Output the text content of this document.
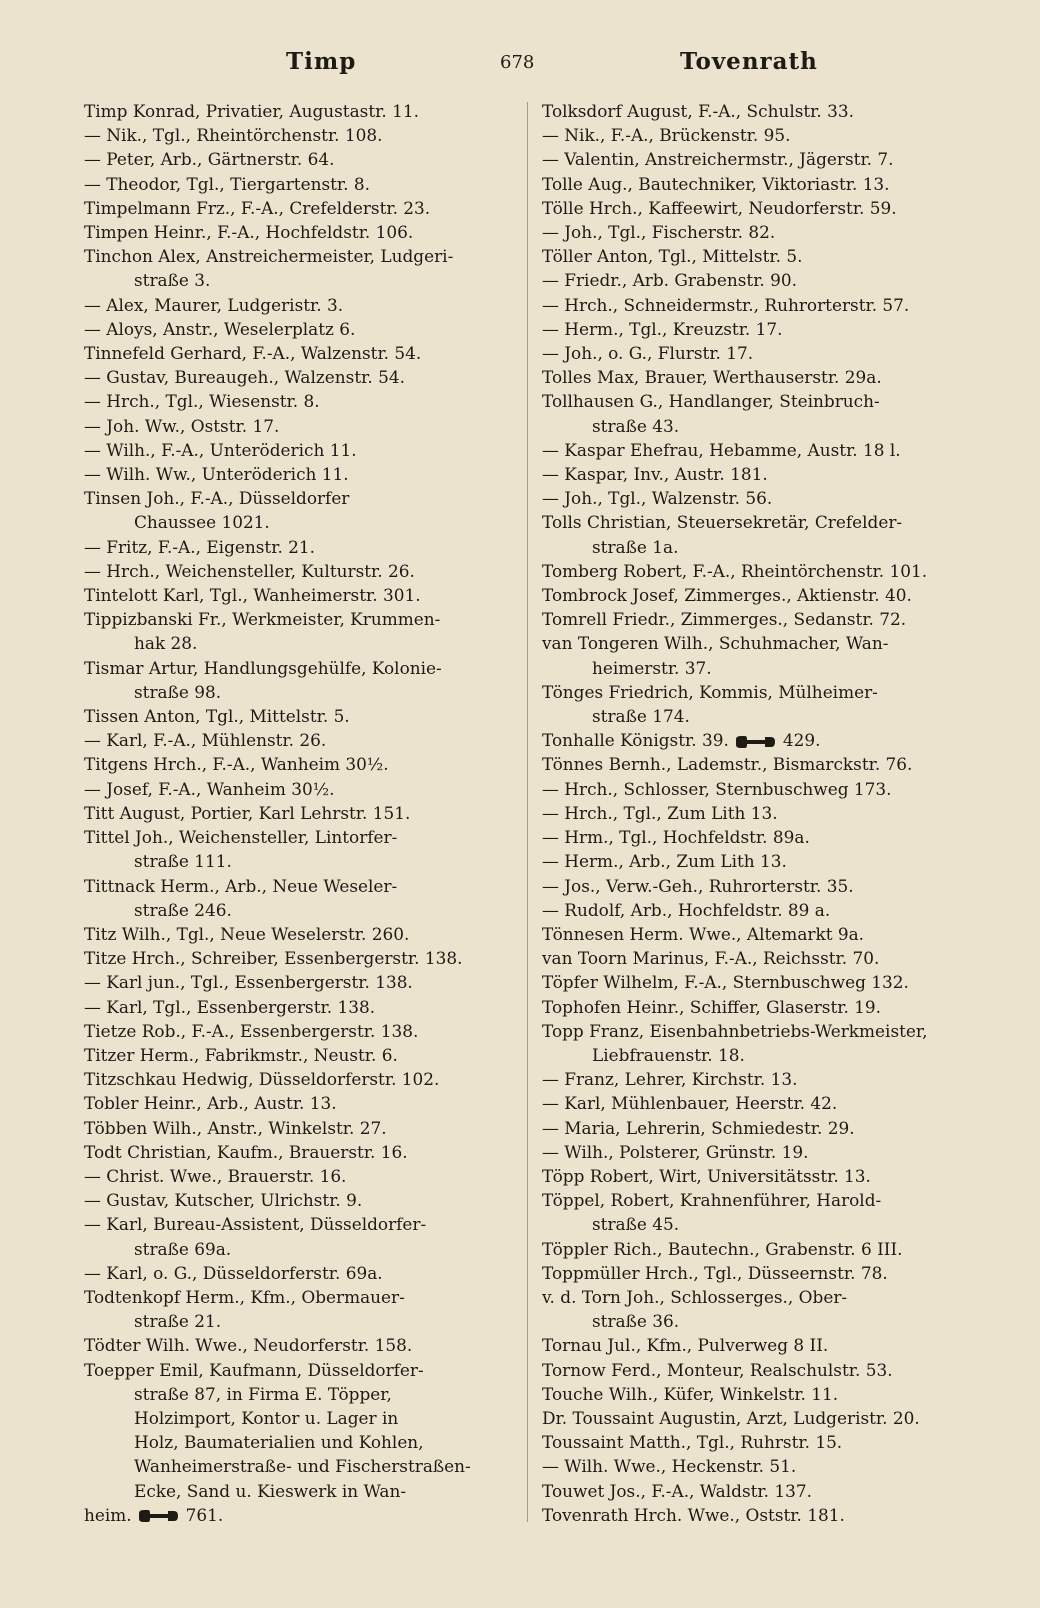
Timp	678	Tovenrath
Timp Konrad, Privatier, Augustastr. 11.
— Nik., Tgl., Rheintörchenstr. 108.
— Peter, Arb., Gärtnerstr. 64.
— Theodor, Tgl., Tiergartenstr. 8.
Timpelmann Frz., F.-A., Crefelderstr. 23.
Timpen Heinr., F.-A., Hochfeldstr. 106.
Tinchon Alex, Anstreichermeister, Ludgeri-
straße 3.
— Alex, Maurer, Ludgeristr. 3.
— Aloys, Anstr., Weselerplatz 6.
Tinnefeld Gerhard, F.-A., Walzenstr. 54.
— Gustav, Bureaugeh., Walzenstr. 54.
— Hrch., Tgl., Wiesenstr. 8.
— Joh. Ww., Oststr. 17.
— Wilh., F.-A., Unteröderich 11.
— Wilh. Ww., Unteröderich 11.
Tinsen Joh., F.-A., Düsseldorfer
Chaussee 1021.
— Fritz, F.-A., Eigenstr. 21.
— Hrch., Weichensteller, Kulturstr. 26.
Tintelott Karl, Tgl., Wanheimerstr. 301.
Tippizbanski Fr., Werkmeister, Krummen-
hak 28.
Tismar Artur, Handlungsgehülfe, Kolonie-
straße 98.
Tissen Anton, Tgl., Mittelstr. 5.
— Karl, F.-A., Mühlenstr. 26.
Titgens Hrch., F.-A., Wanheim 30½.
— Josef, F.-A., Wanheim 30½.
Titt August, Portier, Karl Lehrstr. 151.
Tittel Joh., Weichensteller, Lintorfer-
straße 111.
Tittnack Herm., Arb., Neue Weseler-
straße 246.
Titz Wilh., Tgl., Neue Weselerstr. 260.
Titze Hrch., Schreiber, Essenbergerstr. 138.
— Karl jun., Tgl., Essenbergerstr. 138.
— Karl, Tgl., Essenbergerstr. 138.
Tietze Rob., F.-A., Essenbergerstr. 138.
Titzer Herm., Fabrikmstr., Neustr. 6.
Titzschkau Hedwig, Düsseldorferstr. 102.
Tobler Heinr., Arb., Austr. 13.
Többen Wilh., Anstr., Winkelstr. 27.
Todt Christian, Kaufm., Brauerstr. 16.
— Christ. Wwe., Brauerstr. 16.
— Gustav, Kutscher, Ulrichstr. 9.
— Karl, Bureau-Assistent, Düsseldorfer-
straße 69a.
— Karl, o. G., Düsseldorferstr. 69a.
Todtenkopf Herm., Kfm., Obermauer-
straße 21.
Tödter Wilh. Wwe., Neudorferstr. 158.
Toepper Emil, Kaufmann, Düsseldorfer-
straße 87, in Firma E. Töpper,
Holzimport, Kontor u. Lager in
Holz, Baumaterialien und Kohlen,
Wanheimerstraße- und Fischerstraßen-
Ecke, Sand u. Kieswerk in Wan-
heim.	761.
Tolksdorf August, F.-A., Schulstr. 33.
— Nik., F.-A., Brückenstr. 95.
— Valentin, Anstreichermstr., Jägerstr. 7.
Tolle Aug., Bautechniker, Viktoriastr. 13.
Tölle Hrch., Kaffeewirt, Neudorferstr. 59.
— Joh., Tgl., Fischerstr. 82.
Töller Anton, Tgl., Mittelstr. 5.
— Friedr., Arb. Grabenstr. 90.
— Hrch., Schneidermstr., Ruhrorterstr. 57.
— Herm., Tgl., Kreuzstr. 17.
— Joh., o. G., Flurstr. 17.
Tolles Max, Brauer, Werthauserstr. 29a.
Tollhausen G., Handlanger, Steinbruch-
straße 43.
— Kaspar Ehefrau, Hebamme, Austr. 18 l.
— Kaspar, Inv., Austr. 181.
— Joh., Tgl., Walzenstr. 56.
Tolls Christian, Steuersekretär, Crefelder-
straße 1a.
Tomberg Robert, F.-A., Rheintörchenstr. 101.
Tombrock Josef, Zimmerges., Aktienstr. 40.
Tomrell Friedr., Zimmerges., Sedanstr. 72.
van Tongeren Wilh., Schuhmacher, Wan-
heimerstr. 37.
Tönges Friedrich, Kommis, Mülheimer-
straße 174.
Tonhalle Königstr. 39.	429.
Tönnes Bernh., Lademstr., Bismarckstr. 76.
— Hrch., Schlosser, Sternbuschweg 173.
— Hrch., Tgl., Zum Lith 13.
— Hrm., Tgl., Hochfeldstr. 89a.
— Herm., Arb., Zum Lith 13.
— Jos., Verw.-Geh., Ruhrorterstr. 35.
— Rudolf, Arb., Hochfeldstr. 89 a.
Tönnesen Herm. Wwe., Altemarkt 9a.
van Toorn Marinus, F.-A., Reichsstr. 70.
Töpfer Wilhelm, F.-A., Sternbuschweg 132.
Tophofen Heinr., Schiffer, Glaserstr. 19.
Topp Franz, Eisenbahnbetriebs-Werkmeister,
Liebfrauenstr. 18.
— Franz, Lehrer, Kirchstr. 13.
— Karl, Mühlenbauer, Heerstr. 42.
— Maria, Lehrerin, Schmiedestr. 29.
— Wilh., Polsterer, Grünstr. 19.
Töpp Robert, Wirt, Universitätsstr. 13.
Töppel, Robert, Krahnenführer, Harold-
straße 45.
Töppler Rich., Bautechn., Grabenstr. 6 III.
Toppmüller Hrch., Tgl., Düsseernstr. 78.
v. d. Torn Joh., Schlosserges., Ober-
straße 36.
Tornau Jul., Kfm., Pulverweg 8 II.
Tornow Ferd., Monteur, Realschulstr. 53.
Touche Wilh., Küfer, Winkelstr. 11.
Dr. Toussaint Augustin, Arzt, Ludgeristr. 20.
Toussaint Matth., Tgl., Ruhrstr. 15.
— Wilh. Wwe., Heckenstr. 51.
Touwet Jos., F.-A., Waldstr. 137.
Tovenrath Hrch. Wwe., Oststr. 181.
